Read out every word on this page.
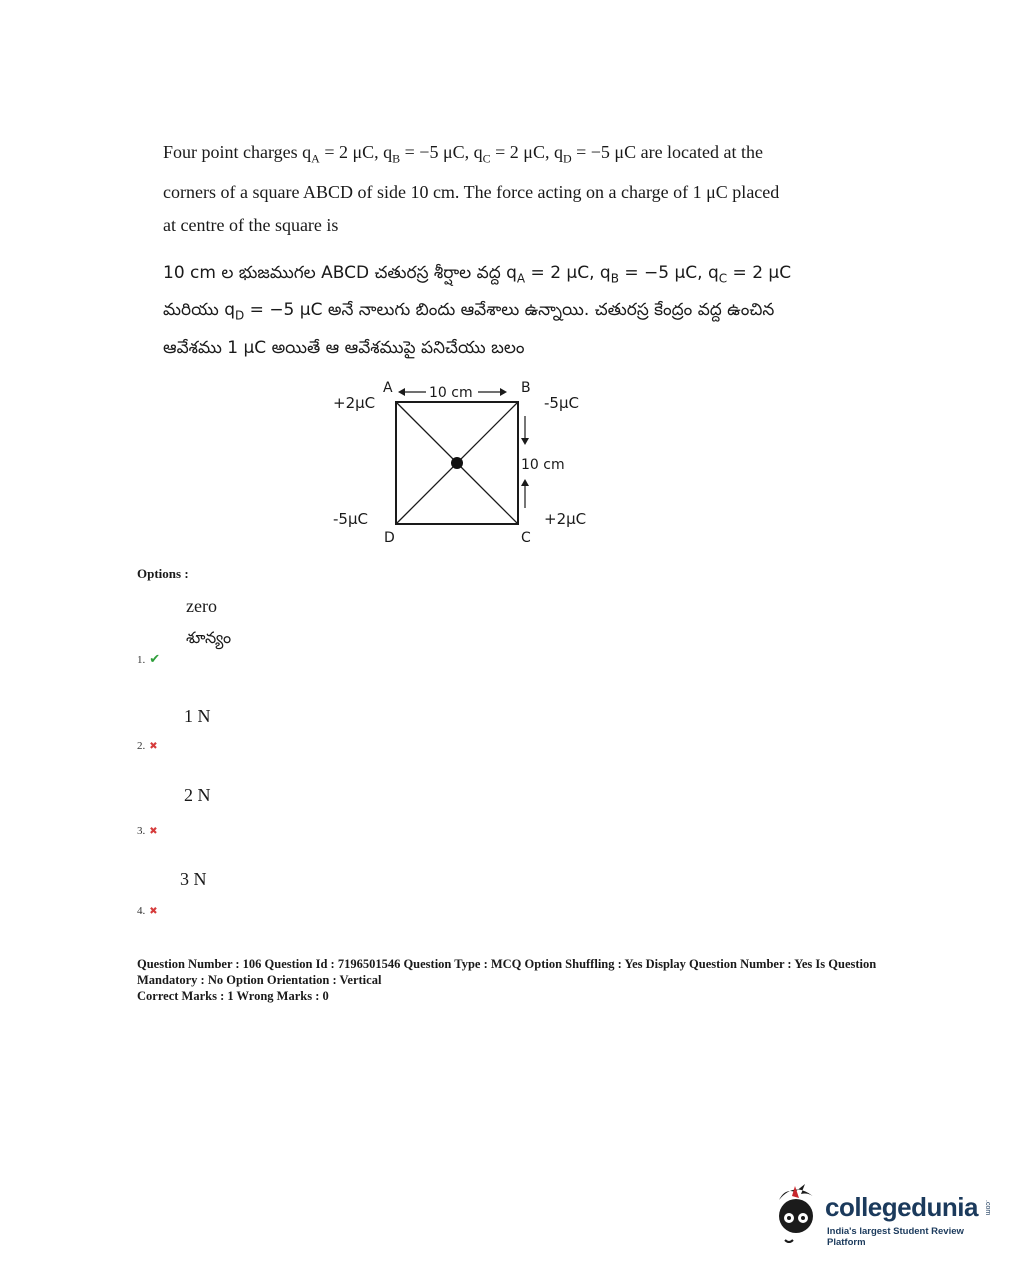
Four point charges $q_A = 2$ μC, $q_B = -5$ μC, $q_C = 2$ μC, $q_D = -5$ μC are located at the
corners of a square ABCD of side 10 cm. The force acting on a charge of 1 μC placed
at centre of the square is
10 cm ల భుజముగల ABCD చతురస్ర శీర్షాల వద్ద $q_A = 2$ μC, $q_B = -5$ μC, $q_C = 2$ μC
మరియు $q_D = -5$ μC అనే నాలుగు బిందు ఆవేశాలు ఉన్నాయి. చతురస్ర కేంద్రం వద్ద ఉంచిన
ఆవేశము 1 μC అయితే ఆ ఆవేశముపై పనిచేయు బలం
A	B
C
D
+2μC	-5μC
+2μC
-5μC
10 cm
10 cm
Options :
zero
శూన్యం
1. ✔
1 N
2. ✖
2 N
3. ✖
3 N
4. ✖
Question Number : 106 Question Id : 7196501546 Question Type : MCQ Option Shuffling : Yes Display Question Number : Yes Is Question
Mandatory : No Option Orientation : Vertical
Correct Marks : 1 Wrong Marks : 0
collegedunia .com
India's largest Student Review Platform
